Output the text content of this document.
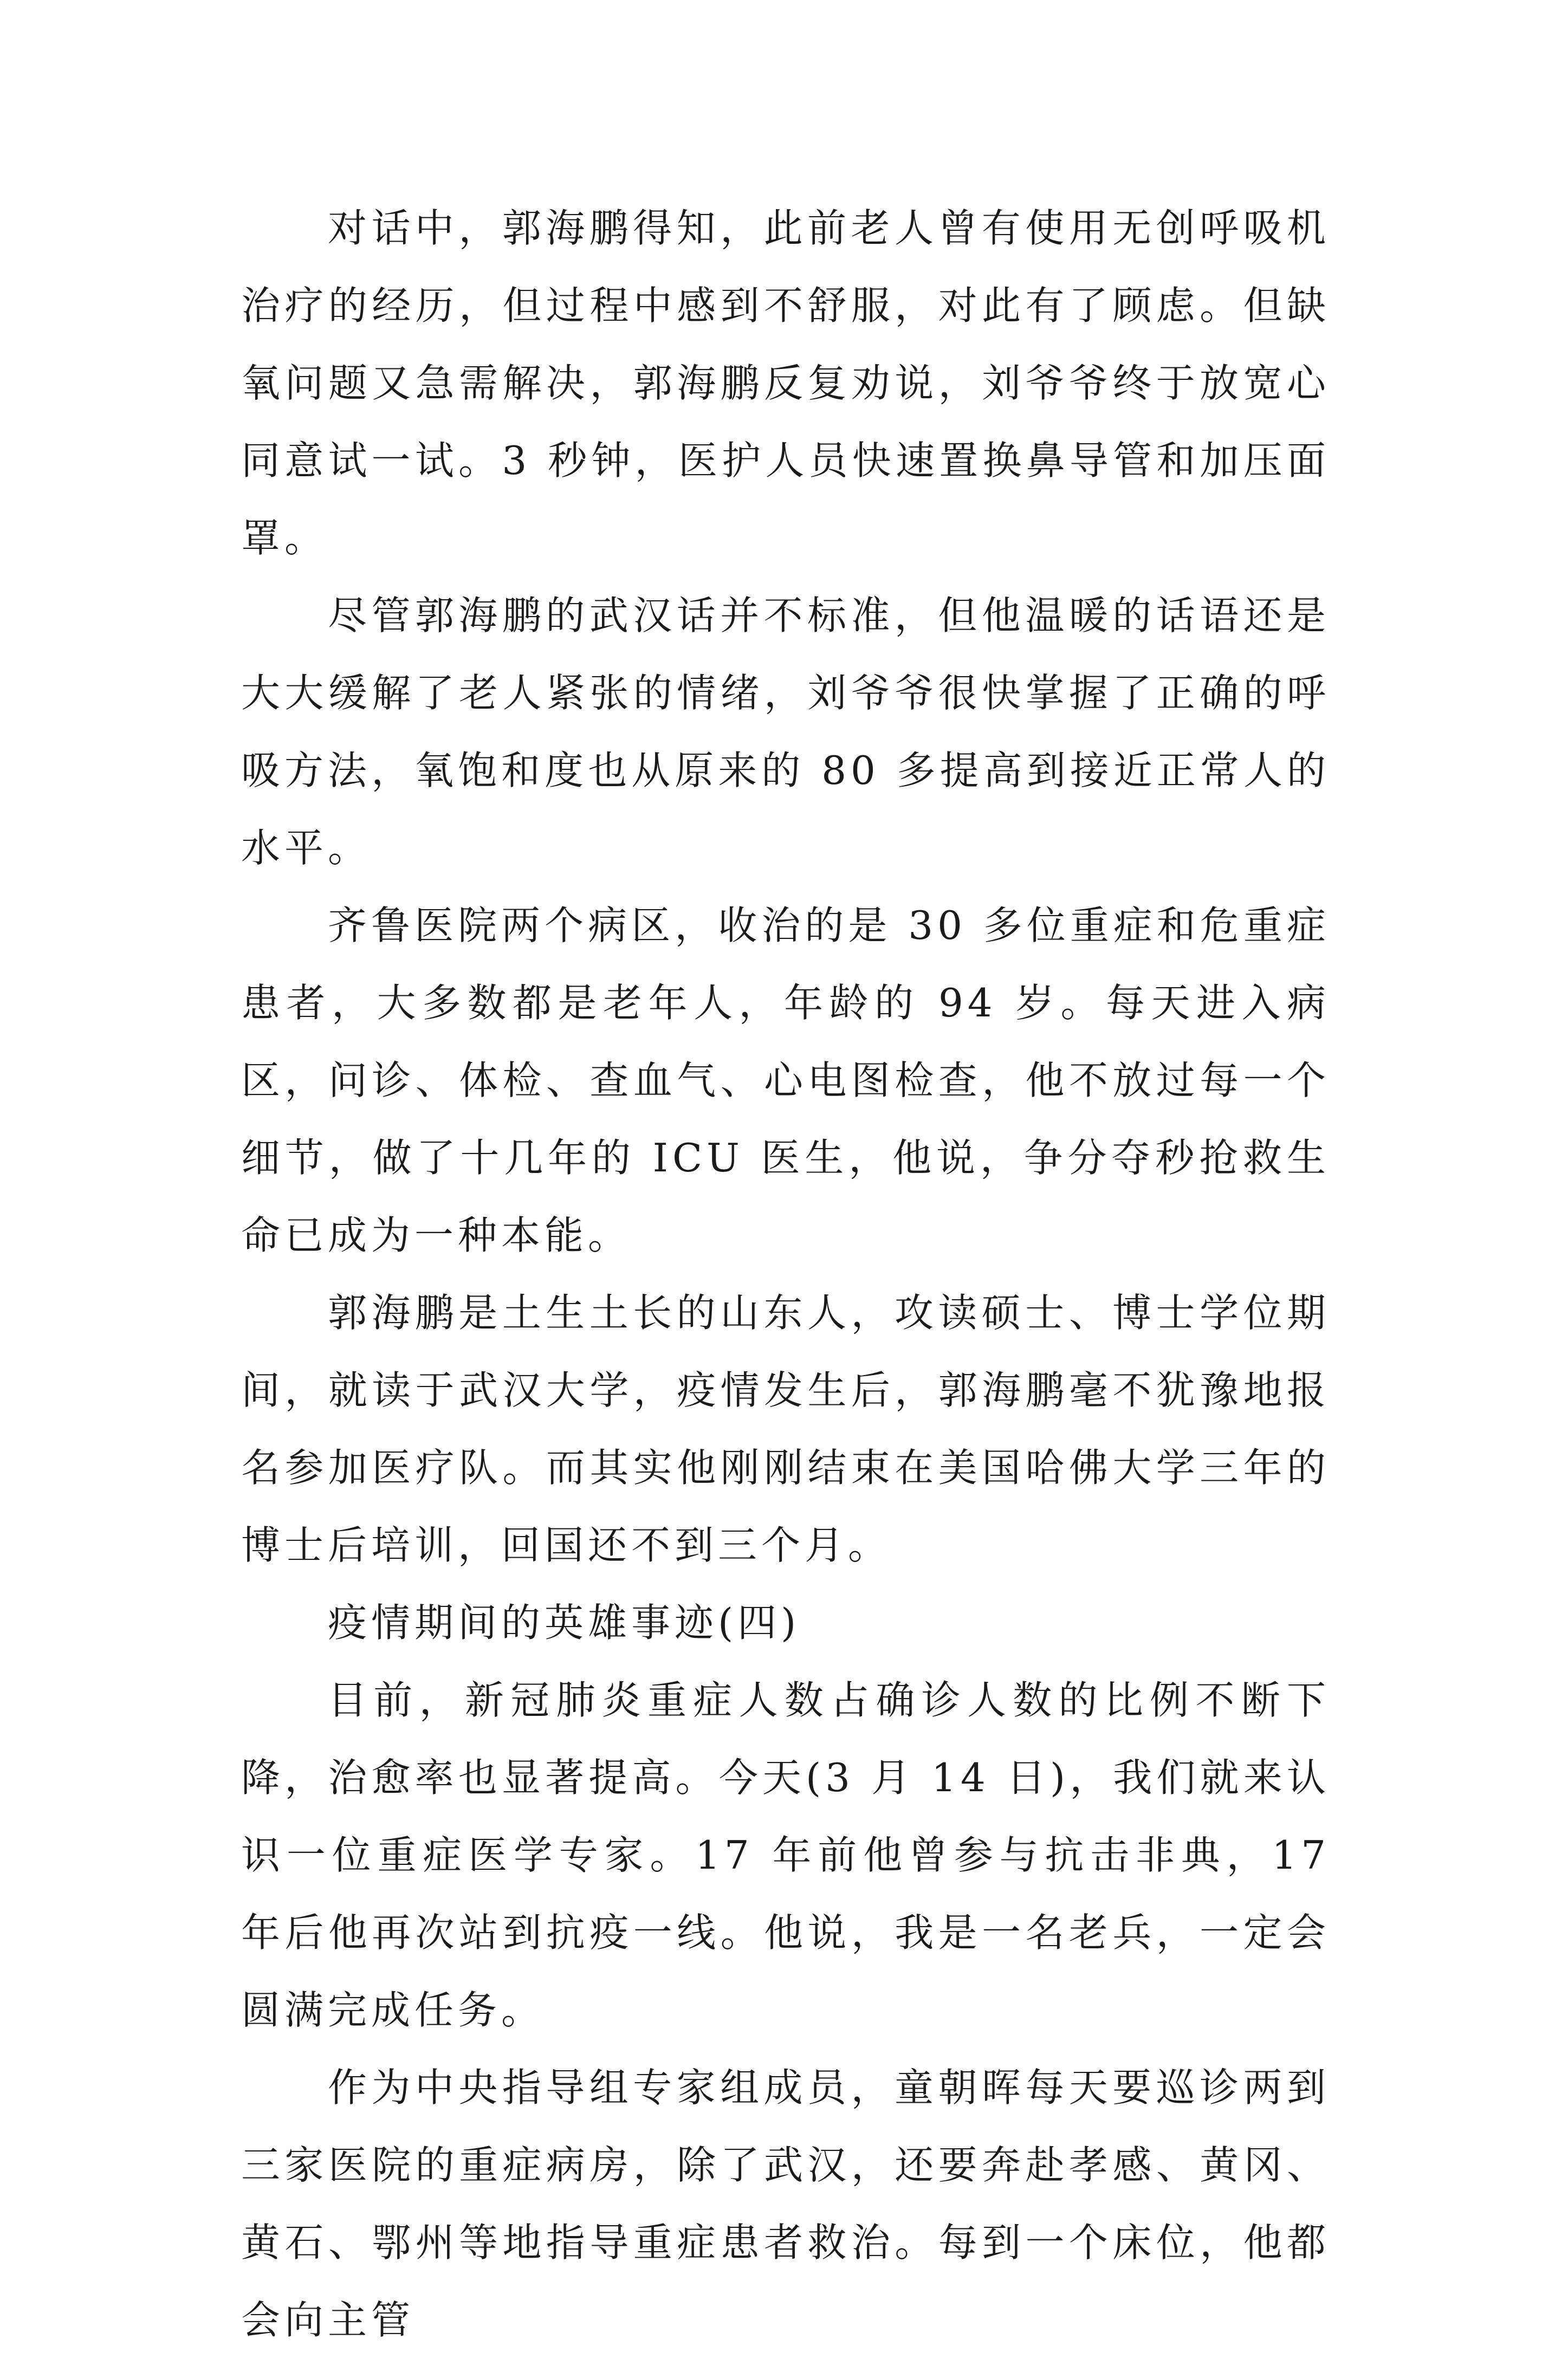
对话中，郭海鹏得知，此前老人曾有使用无创呼吸机治疗的经历，但过程中感到不舒服，对此有了顾虑。但缺氧问题又急需解决，郭海鹏反复劝说，刘爷爷终于放宽心同意试一试。3 秒钟，医护人员快速置换鼻导管和加压面罩。

尽管郭海鹏的武汉话并不标准，但他温暖的话语还是大大缓解了老人紧张的情绪，刘爷爷很快掌握了正确的呼吸方法，氧饱和度也从原来的 80 多提高到接近正常人的水平。

齐鲁医院两个病区，收治的是 30 多位重症和危重症患者，大多数都是老年人，年龄的 94 岁。每天进入病区，问诊、体检、查血气、心电图检查，他不放过每一个细节，做了十几年的 ICU 医生，他说，争分夺秒抢救生命已成为一种本能。

郭海鹏是土生土长的山东人，攻读硕士、博士学位期间，就读于武汉大学，疫情发生后，郭海鹏毫不犹豫地报名参加医疗队。而其实他刚刚结束在美国哈佛大学三年的博士后培训，回国还不到三个月。

疫情期间的英雄事迹(四)

目前，新冠肺炎重症人数占确诊人数的比例不断下降，治愈率也显著提高。今天(3 月 14 日)，我们就来认识一位重症医学专家。17 年前他曾参与抗击非典，17 年后他再次站到抗疫一线。他说，我是一名老兵，一定会圆满完成任务。

作为中央指导组专家组成员，童朝晖每天要巡诊两到三家医院的重症病房，除了武汉，还要奔赴孝感、黄冈、黄石、鄂州等地指导重症患者救治。每到一个床位，他都会向主管
